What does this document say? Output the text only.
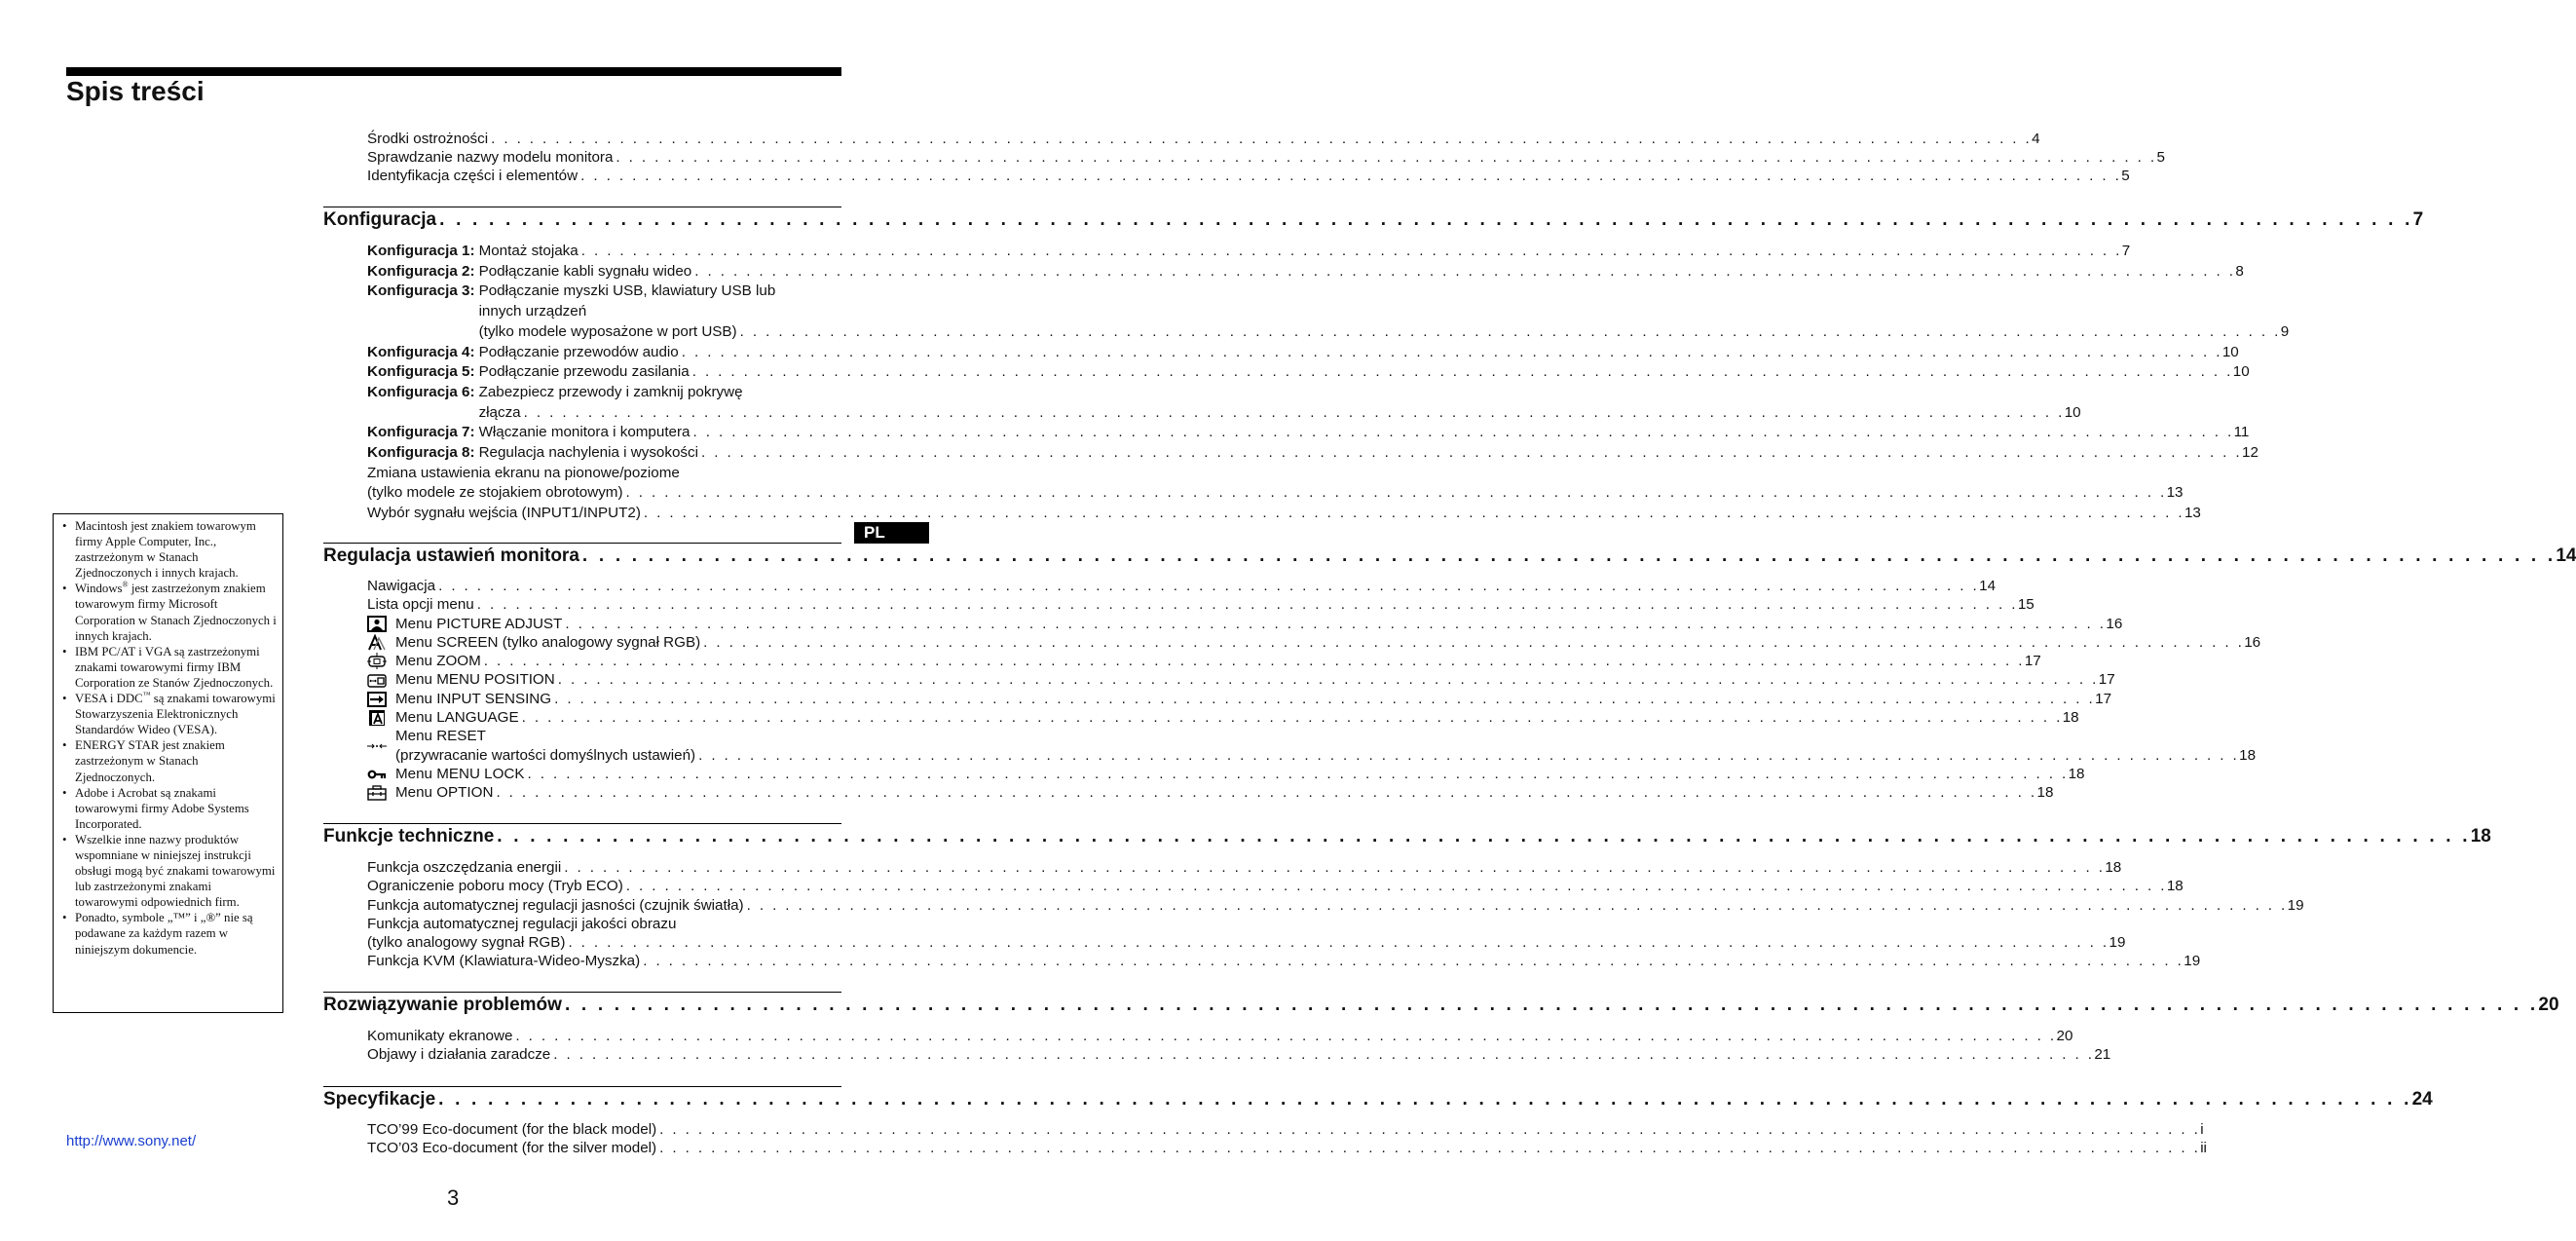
Spis treści
PL
Środki ostrożności . . . . . . . . . . . . . . . . . . . . . . . . . . . . . . . . . . . . . . . . . . . . . . . . . . . . . . . . . . . . . . . . . . . . . . . . . . . . . . . . . . . . . . . . . . . . . . . . . . . . . . . . . . . . . . . . . . . . . . . . 4
Sprawdzanie nazwy modelu monitora . . . . . . . . . . . . . . . . . . . . . . . . . . . . . . . . . . . . . . . . . . . . . . . . . . . . . . . . . . . . . . . . . . . . . . . . . . . . . . . . . . . . . . . . . . . . . . . . . . . . . . . . . . . . . . . . . . . . . . . . 5
Identyfikacja części i elementów . . . . . . . . . . . . . . . . . . . . . . . . . . . . . . . . . . . . . . . . . . . . . . . . . . . . . . . . . . . . . . . . . . . . . . . . . . . . . . . . . . . . . . . . . . . . . . . . . . . . . . . . . . . . . . . . . . . . . . . . 5
Konfiguracja . . . . . . . . . . . . . . . . . . . . . . . . . . . . . . . . . . . . . . . . . . . . . . . . . . . . . . . . . . . . . . . . . . . . . . . . . . . . . . . . . . . . . . . . . . . . . . . . . . . . . . . . . . . . . . . . . . . . . . . . 7
Konfiguracja 1: Montaż stojaka . . . . . . . . . . . . . . . . . . . . . . . . . . . . . . . . . . . . . . . . . . . . . . . . . . . . . . . . . . . . . . . . . . . . . . . . . . . . . . . . . . . . . . . . . . . . . . . . . . . . . . . . . . . . . . . . . . . . . . . . 7
Konfiguracja 2: Podłączanie kabli sygnału wideo . . . . . . . . . . . . . . . . . . . . . . . . . . . . . . . . . . . . . . . . . . . . . . . . . . . . . . . . . . . . . . . . . . . . . . . . . . . . . . . . . . . . . . . . . . . . . . . . . . . . . . . . . . . . . . . . . . . . . . . . 8
Konfiguracja 3: Podłączanie myszki USB, klawiatury USB lub
innych urządzeń
(tylko modele wyposażone w port USB) . . . . . . . . . . . . . . . . . . . . . . . . . . . . . . . . . . . . . . . . . . . . . . . . . . . . . . . . . . . . . . . . . . . . . . . . . . . . . . . . . . . . . . . . . . . . . . . . . . . . . . . . . . . . . . . . . . . . . . . . 9
Konfiguracja 4: Podłączanie przewodów audio . . . . . . . . . . . . . . . . . . . . . . . . . . . . . . . . . . . . . . . . . . . . . . . . . . . . . . . . . . . . . . . . . . . . . . . . . . . . . . . . . . . . . . . . . . . . . . . . . . . . . . . . . . . . . . . . . . . . . . . . 10
Konfiguracja 5: Podłączanie przewodu zasilania . . . . . . . . . . . . . . . . . . . . . . . . . . . . . . . . . . . . . . . . . . . . . . . . . . . . . . . . . . . . . . . . . . . . . . . . . . . . . . . . . . . . . . . . . . . . . . . . . . . . . . . . . . . . . . . . . . . . . . . . 10
Konfiguracja 6: Zabezpiecz przewody i zamknij pokrywę
złącza . . . . . . . . . . . . . . . . . . . . . . . . . . . . . . . . . . . . . . . . . . . . . . . . . . . . . . . . . . . . . . . . . . . . . . . . . . . . . . . . . . . . . . . . . . . . . . . . . . . . . . . . . . . . . . . . . . . . . . . . 10
Konfiguracja 7: Włączanie monitora i komputera . . . . . . . . . . . . . . . . . . . . . . . . . . . . . . . . . . . . . . . . . . . . . . . . . . . . . . . . . . . . . . . . . . . . . . . . . . . . . . . . . . . . . . . . . . . . . . . . . . . . . . . . . . . . . . . . . . . . . . . . 11
Konfiguracja 8: Regulacja nachylenia i wysokości . . . . . . . . . . . . . . . . . . . . . . . . . . . . . . . . . . . . . . . . . . . . . . . . . . . . . . . . . . . . . . . . . . . . . . . . . . . . . . . . . . . . . . . . . . . . . . . . . . . . . . . . . . . . . . . . . . . . . . . . 12
Zmiana ustawienia ekranu na pionowe/poziome
(tylko modele ze stojakiem obrotowym) . . . . . . . . . . . . . . . . . . . . . . . . . . . . . . . . . . . . . . . . . . . . . . . . . . . . . . . . . . . . . . . . . . . . . . . . . . . . . . . . . . . . . . . . . . . . . . . . . . . . . . . . . . . . . . . . . . . . . . . . 13
Wybór sygnału wejścia (INPUT1/INPUT2) . . . . . . . . . . . . . . . . . . . . . . . . . . . . . . . . . . . . . . . . . . . . . . . . . . . . . . . . . . . . . . . . . . . . . . . . . . . . . . . . . . . . . . . . . . . . . . . . . . . . . . . . . . . . . . . . . . . . . . . . 13
Regulacja ustawień monitora . . . . . . . . . . . . . . . . . . . . . . . . . . . . . . . . . . . . . . . . . . . . . . . . . . . . . . . . . . . . . . . . . . . . . . . . . . . . . . . . . . . . . . . . . . . . . . . . . . . . . . . . . . . . . . . . . . . . . . . . 14
Nawigacja . . . . . . . . . . . . . . . . . . . . . . . . . . . . . . . . . . . . . . . . . . . . . . . . . . . . . . . . . . . . . . . . . . . . . . . . . . . . . . . . . . . . . . . . . . . . . . . . . . . . . . . . . . . . . . . . . . . . . . . . 14
Lista opcji menu . . . . . . . . . . . . . . . . . . . . . . . . . . . . . . . . . . . . . . . . . . . . . . . . . . . . . . . . . . . . . . . . . . . . . . . . . . . . . . . . . . . . . . . . . . . . . . . . . . . . . . . . . . . . . . . . . . . . . . . . 15
Menu PICTURE ADJUST . . . . . . . . . . . . . . . . . . . . . . . . . . . . . . . . . . . . . . . . . . . . . . . . . . . . . . . . . . . . . . . . . . . . . . . . . . . . . . . . . . . . . . . . . . . . . . . . . . . . . . . . . . . . . . . . . . . . . . . . 16
Menu SCREEN (tylko analogowy sygnał RGB) . . . . . . . . . . . . . . . . . . . . . . . . . . . . . . . . . . . . . . . . . . . . . . . . . . . . . . . . . . . . . . . . . . . . . . . . . . . . . . . . . . . . . . . . . . . . . . . . . . . . . . . . . . . . . . . . . . . . . . . . 16
Menu ZOOM . . . . . . . . . . . . . . . . . . . . . . . . . . . . . . . . . . . . . . . . . . . . . . . . . . . . . . . . . . . . . . . . . . . . . . . . . . . . . . . . . . . . . . . . . . . . . . . . . . . . . . . . . . . . . . . . . . . . . . . . 17
Menu MENU POSITION . . . . . . . . . . . . . . . . . . . . . . . . . . . . . . . . . . . . . . . . . . . . . . . . . . . . . . . . . . . . . . . . . . . . . . . . . . . . . . . . . . . . . . . . . . . . . . . . . . . . . . . . . . . . . . . . . . . . . . . . 17
Menu INPUT SENSING . . . . . . . . . . . . . . . . . . . . . . . . . . . . . . . . . . . . . . . . . . . . . . . . . . . . . . . . . . . . . . . . . . . . . . . . . . . . . . . . . . . . . . . . . . . . . . . . . . . . . . . . . . . . . . . . . . . . . . . . 17
Menu LANGUAGE . . . . . . . . . . . . . . . . . . . . . . . . . . . . . . . . . . . . . . . . . . . . . . . . . . . . . . . . . . . . . . . . . . . . . . . . . . . . . . . . . . . . . . . . . . . . . . . . . . . . . . . . . . . . . . . . . . . . . . . . 18
Menu RESET
(przywracanie wartości domyślnych ustawień) . . . . . . . . . . . . . . . . . . . . . . . . . . . . . . . . . . . . . . . . . . . . . . . . . . . . . . . . . . . . . . . . . . . . . . . . . . . . . . . . . . . . . . . . . . . . . . . . . . . . . . . . . . . . . . . . . . . . . . . . 18
Menu MENU LOCK . . . . . . . . . . . . . . . . . . . . . . . . . . . . . . . . . . . . . . . . . . . . . . . . . . . . . . . . . . . . . . . . . . . . . . . . . . . . . . . . . . . . . . . . . . . . . . . . . . . . . . . . . . . . . . . . . . . . . . . . 18
Menu OPTION . . . . . . . . . . . . . . . . . . . . . . . . . . . . . . . . . . . . . . . . . . . . . . . . . . . . . . . . . . . . . . . . . . . . . . . . . . . . . . . . . . . . . . . . . . . . . . . . . . . . . . . . . . . . . . . . . . . . . . . . 18
Funkcje techniczne . . . . . . . . . . . . . . . . . . . . . . . . . . . . . . . . . . . . . . . . . . . . . . . . . . . . . . . . . . . . . . . . . . . . . . . . . . . . . . . . . . . . . . . . . . . . . . . . . . . . . . . . . . . . . . . . . . . . . . . . 18
Funkcja oszczędzania energii . . . . . . . . . . . . . . . . . . . . . . . . . . . . . . . . . . . . . . . . . . . . . . . . . . . . . . . . . . . . . . . . . . . . . . . . . . . . . . . . . . . . . . . . . . . . . . . . . . . . . . . . . . . . . . . . . . . . . . . . 18
Ograniczenie poboru mocy (Tryb ECO) . . . . . . . . . . . . . . . . . . . . . . . . . . . . . . . . . . . . . . . . . . . . . . . . . . . . . . . . . . . . . . . . . . . . . . . . . . . . . . . . . . . . . . . . . . . . . . . . . . . . . . . . . . . . . . . . . . . . . . . . 18
Funkcja automatycznej regulacji jasności (czujnik światła) . . . . . . . . . . . . . . . . . . . . . . . . . . . . . . . . . . . . . . . . . . . . . . . . . . . . . . . . . . . . . . . . . . . . . . . . . . . . . . . . . . . . . . . . . . . . . . . . . . . . . . . . . . . . . . . . . . . . . . . . 19
Funkcja automatycznej regulacji jakości obrazu
(tylko analogowy sygnał RGB) . . . . . . . . . . . . . . . . . . . . . . . . . . . . . . . . . . . . . . . . . . . . . . . . . . . . . . . . . . . . . . . . . . . . . . . . . . . . . . . . . . . . . . . . . . . . . . . . . . . . . . . . . . . . . . . . . . . . . . . . 19
Funkcja KVM (Klawiatura-Wideo-Myszka) . . . . . . . . . . . . . . . . . . . . . . . . . . . . . . . . . . . . . . . . . . . . . . . . . . . . . . . . . . . . . . . . . . . . . . . . . . . . . . . . . . . . . . . . . . . . . . . . . . . . . . . . . . . . . . . . . . . . . . . . 19
Rozwiązywanie problemów . . . . . . . . . . . . . . . . . . . . . . . . . . . . . . . . . . . . . . . . . . . . . . . . . . . . . . . . . . . . . . . . . . . . . . . . . . . . . . . . . . . . . . . . . . . . . . . . . . . . . . . . . . . . . . . . . . . . . . . . 20
Komunikaty ekranowe . . . . . . . . . . . . . . . . . . . . . . . . . . . . . . . . . . . . . . . . . . . . . . . . . . . . . . . . . . . . . . . . . . . . . . . . . . . . . . . . . . . . . . . . . . . . . . . . . . . . . . . . . . . . . . . . . . . . . . . . 20
Objawy i działania zaradcze . . . . . . . . . . . . . . . . . . . . . . . . . . . . . . . . . . . . . . . . . . . . . . . . . . . . . . . . . . . . . . . . . . . . . . . . . . . . . . . . . . . . . . . . . . . . . . . . . . . . . . . . . . . . . . . . . . . . . . . . 21
Specyfikacje . . . . . . . . . . . . . . . . . . . . . . . . . . . . . . . . . . . . . . . . . . . . . . . . . . . . . . . . . . . . . . . . . . . . . . . . . . . . . . . . . . . . . . . . . . . . . . . . . . . . . . . . . . . . . . . . . . . . . . . . 24
TCO’99 Eco-document (for the black model) . . . . . . . . . . . . . . . . . . . . . . . . . . . . . . . . . . . . . . . . . . . . . . . . . . . . . . . . . . . . . . . . . . . . . . . . . . . . . . . . . . . . . . . . . . . . . . . . . . . . . . . . . . . . . . . . . . . . . . . . i
TCO’03 Eco-document (for the silver model) . . . . . . . . . . . . . . . . . . . . . . . . . . . . . . . . . . . . . . . . . . . . . . . . . . . . . . . . . . . . . . . . . . . . . . . . . . . . . . . . . . . . . . . . . . . . . . . . . . . . . . . . . . . . . . . . . . . . . . . . ii
• Macintosh jest znakiem towarowym firmy Apple Computer, Inc., zastrzeżonym w Stanach Zjednoczonych i innych krajach.
• Windows® jest zastrzeżonym znakiem towarowym firmy Microsoft Corporation w Stanach Zjednoczonych i innych krajach.
• IBM PC/AT i VGA są zastrzeżonymi znakami towarowymi firmy IBM Corporation ze Stanów Zjednoczonych.
• VESA i DDC™ są znakami towarowymi Stowarzyszenia Elektronicznych Standardów Wideo (VESA).
• ENERGY STAR jest znakiem zastrzeżonym w Stanach Zjednoczonych.
• Adobe i Acrobat są znakami towarowymi firmy Adobe Systems Incorporated.
• Wszelkie inne nazwy produktów wspomniane w niniejszej instrukcji obsługi mogą być znakami towarowymi lub zastrzeżonymi znakami towarowymi odpowiednich firm.
• Ponadto, symbole „™” i „®” nie są podawane za każdym razem w niniejszym dokumencie.
http://www.sony.net/
3
